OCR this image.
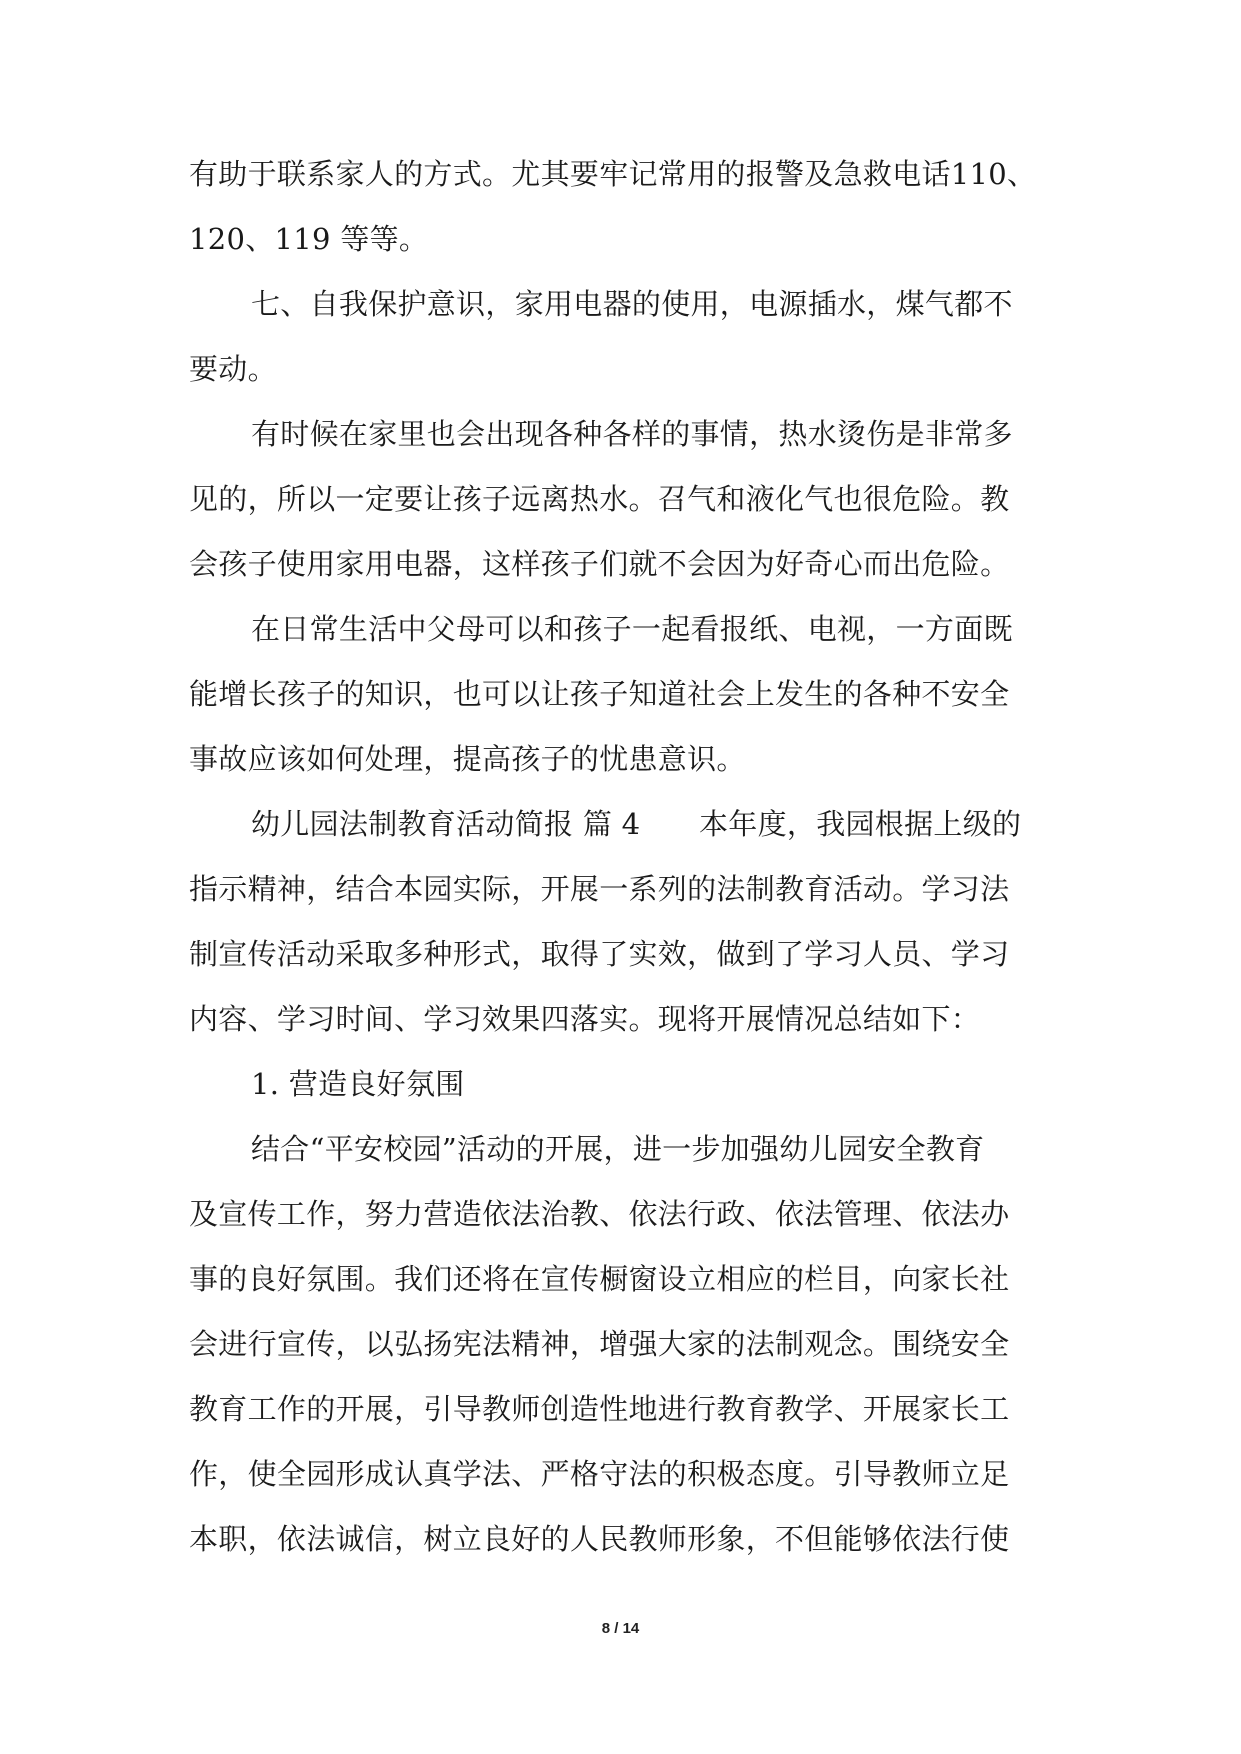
有助于联系家人的方式。尤其要牢记常用的报警及急救电话110、
120、119 等等。
七、自我保护意识，家用电器的使用，电源插水，煤气都不
要动。
有时候在家里也会出现各种各样的事情，热水烫伤是非常多
见的，所以一定要让孩子远离热水。召气和液化气也很危险。教
会孩子使用家用电器，这样孩子们就不会因为好奇心而出危险。
在日常生活中父母可以和孩子一起看报纸、电视，一方面既
能增长孩子的知识，也可以让孩子知道社会上发生的各种不安全
事故应该如何处理，提高孩子的忧患意识。
幼儿园法制教育活动简报 篇 4　　本年度，我园根据上级的
指示精神，结合本园实际，开展一系列的法制教育活动。学习法
制宣传活动采取多种形式，取得了实效，做到了学习人员、学习
内容、学习时间、学习效果四落实。现将开展情况总结如下：
1. 营造良好氛围
结合“平安校园”活动的开展，进一步加强幼儿园安全教育
及宣传工作，努力营造依法治教、依法行政、依法管理、依法办
事的良好氛围。我们还将在宣传橱窗设立相应的栏目，向家长社
会进行宣传，以弘扬宪法精神，增强大家的法制观念。围绕安全
教育工作的开展，引导教师创造性地进行教育教学、开展家长工
作，使全园形成认真学法、严格守法的积极态度。引导教师立足
本职，依法诚信，树立良好的人民教师形象，不但能够依法行使
8 / 14
